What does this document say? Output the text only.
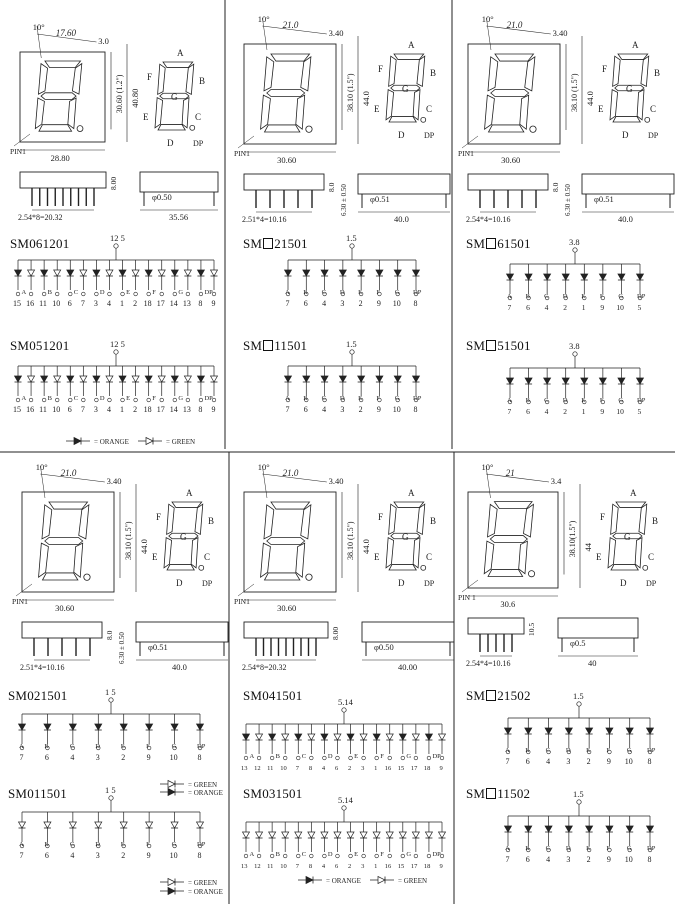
10°
17.60
3.0
28.80
30.60 (1.2") 40.80
PIN1
A
B
C
D
E
F
G
DP
2.54*8=20.32
8.00
φ0.50
35.56
10°
21.0
3.40
30.60
38.10 (1.5") 44.0
PIN1
A
B
C
D
E
F
G
DP
2.51*4=10.16
8.0 6.30 ± 0.50	φ0.51
40.0
10°
21.0
3.40
30.60
38.10 (1.5") 44.0
PIN1
A
B
C
D
E
F
G
DP
2.54*4=10.16
8.0 6.30 ± 0.50	φ0.51
40.0
10°
21.0
3.40
30.60
38.10 (1.5") 44.0
PIN1
A
B
C
D
E
F
G
DP
2.51*4=10.16
8.0 6.30 ± 0.50	φ0.51
40.0
10°
21.0
3.40
30.60
38.10 (1.5") 44.0
PIN1
A
B
C
D
E
F
G
DP
2.54*8=20.32
8.00
φ0.50
40.00
10°
21
3.4
30.6
38.10(1.5") 44
PIN 1
A
B
C
D
E
F
G
DP
2.54*4=10.16
10.5
φ0.5
40
12 5
15 16 11 10 6 7 3 4 1 2 18 17 14 13 8 9
A	B	C	D	E	F	G	DP
12 5
15 16 11 10 6 7 3 4 1 2 18 17 14 13 8 9
A	B	C	D	E	F	G	DP
1.5
7 6 4 3 2 9 10 8
A B C D E F G DP
1.5
7 6 4 3 2 9 10 8
A B C D E F G DP
3.8
7 6 4 2 1 9 10 5
A B C D E F G DP
3.8
7 6 4 2 1 9 10 5
A B C D E F G DP
1 5
7	6	4	3	2	9 10 8
A	B	C	D	E	F	G	DP
1 5
7	6	4	3	2	9 10 8
A	B	C	D	E	F	G	DP
5.14
13 12 11 10 7 8 4 6 2 3 1 16 15 17 18 9
A	B	C	D	E	F	G	DP
5.14
13 12 11 10 7 8 4 6 2 3 1 16 15 17 18 9
A	B	C	D	E	F	G	DP
1.5
7 6 4 3 2 9 10 8
A B C D E	F	G DP
1.5
7 6 4 3 2 9 10 8
A B C D E	F	G DP
= ORANGE	= GREEN
= GREEN
= ORANGE
= GREEN
= ORANGE
= ORANGE	= GREEN
SM061201
SM051201
SM 21501
SM 11501
SM 61501
SM 51501
SM021501
SM011501
SM041501
SM031501
SM 21502
SM 11502
